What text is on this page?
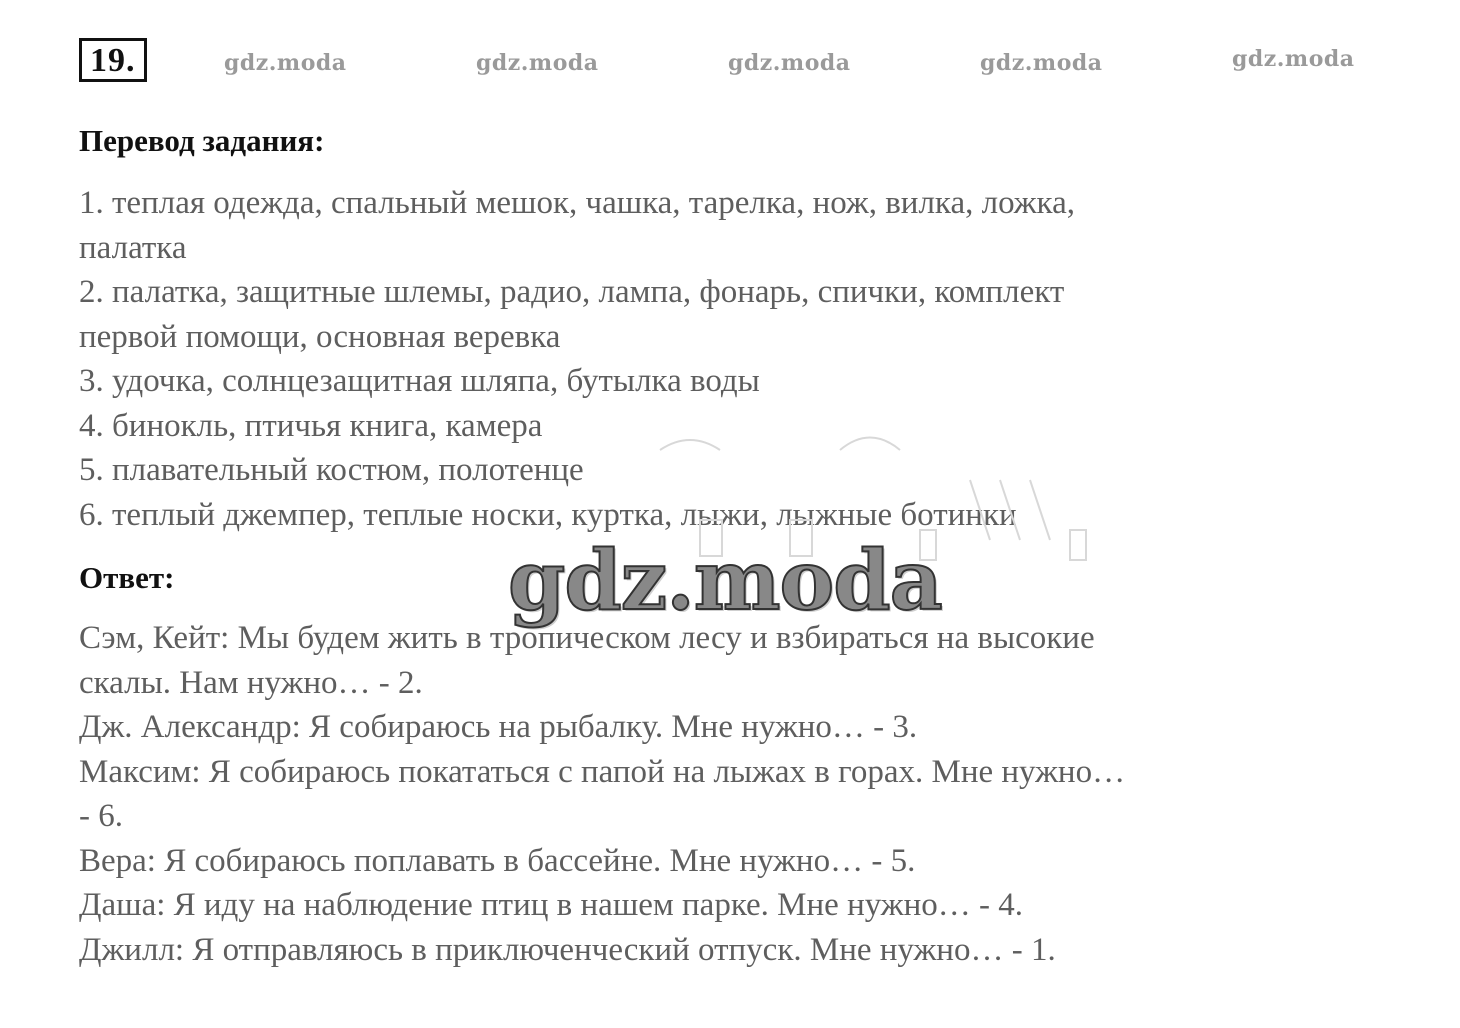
19.	gdz.moda	gdz.moda	gdz.moda	gdz.moda	gdz.moda
Перевод задания:
1. теплая одежда, спальный мешок, чашка, тарелка, нож, вилка, ложка,
палатка
2. палатка, защитные шлемы, радио, лампа, фонарь, спички, комплект
первой помощи, основная веревка
3. удочка, солнцезащитная шляпа, бутылка воды
4. бинокль, птичья книга, камера
5. плавательный костюм, полотенце
6. теплый джемпер, теплые носки, куртка, лыжи, лыжные ботинки
Ответ:
Сэм, Кейт: Мы будем жить в тропическом лесу и взбираться на высокие
скалы. Нам нужно… - 2.
Дж. Александр: Я собираюсь на рыбалку. Мне нужно… - 3.
Максим: Я собираюсь покататься с папой на лыжах в горах. Мне нужно…
- 6.
Вера: Я собираюсь поплавать в бассейне. Мне нужно… - 5.
Даша: Я иду на наблюдение птиц в нашем парке. Мне нужно… - 4.
Джилл: Я отправляюсь в приключенческий отпуск. Мне нужно… - 1.
gdz.moda
